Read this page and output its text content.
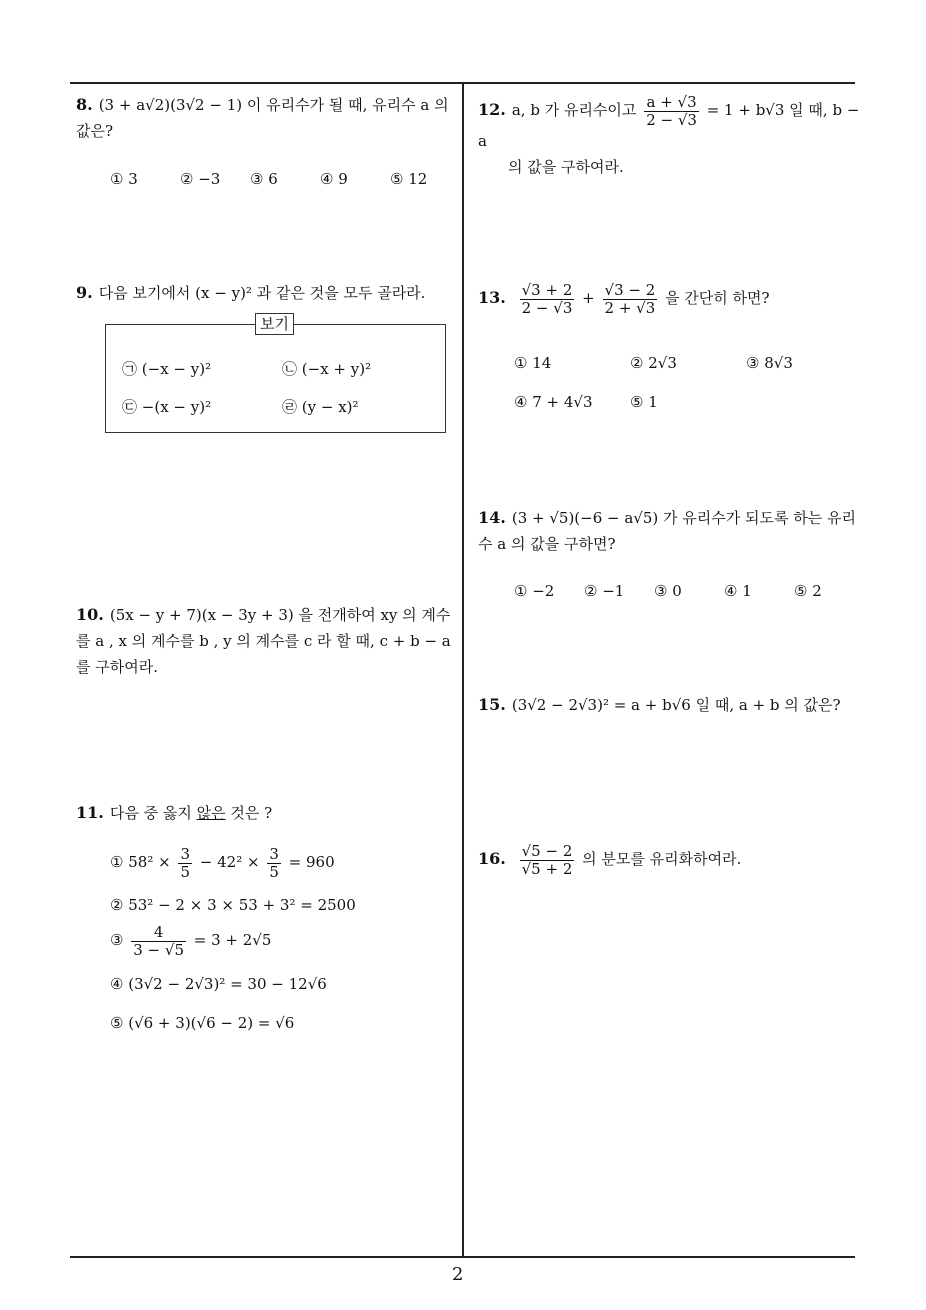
2
8. (3 + a√2)(3√2 − 1) 이 유리수가 될 때, 유리수 a 의 값은?
① 3	② −3 ③ 6	④ 9	⑤ 12
9. 다음 보기에서 (x − y)² 과 같은 것을 모두 골라라.
보기
㉠ (−x − y)²	㉡ (−x + y)²
㉢ −(x − y)²	㉣ (y − x)²
10. (5x − y + 7)(x − 3y + 3) 을 전개하여 xy 의 계수를 a , x 의 계수를 b , y 의 계수를 c 라 할 때, c + b − a 를 구하여라.
11. 다음 중 옳지 않은 것은 ?
① $58^2 \times \frac{3}{5} - 42^2 \times \frac{3}{5} = 960$
② 53² − 2 × 3 × 53 + 3² = 2500
③ $\frac{4}{3 - √5} = 3 + 2√5$
④ (3√2 − 2√3)² = 30 − 12√6
⑤ (√6 + 3)(√6 − 2) = √6
12. a, b 가 유리수이고 $\frac{a + √3}{2 - √3} = 1 + b√3$ 일 때, b − a
의 값을 구하여라.
13. $\frac{√3 + 2}{2 - √3} + \frac{√3 - 2}{2 + √3}$ 을 간단히 하면?
① 14	② 2√3	③ 8√3
④ 7 + 4√3 ⑤ 1
14. (3 + √5)(−6 − a√5) 가 유리수가 되도록 하는 유리수 a 의 값을 구하면?
① −2 ② −1 ③ 0	④ 1	⑤ 2
15. (3√2 − 2√3)² = a + b√6 일 때, a + b 의 값은?
16. $\frac{√5 - 2}{√5 + 2}$ 의 분모를 유리화하여라.
